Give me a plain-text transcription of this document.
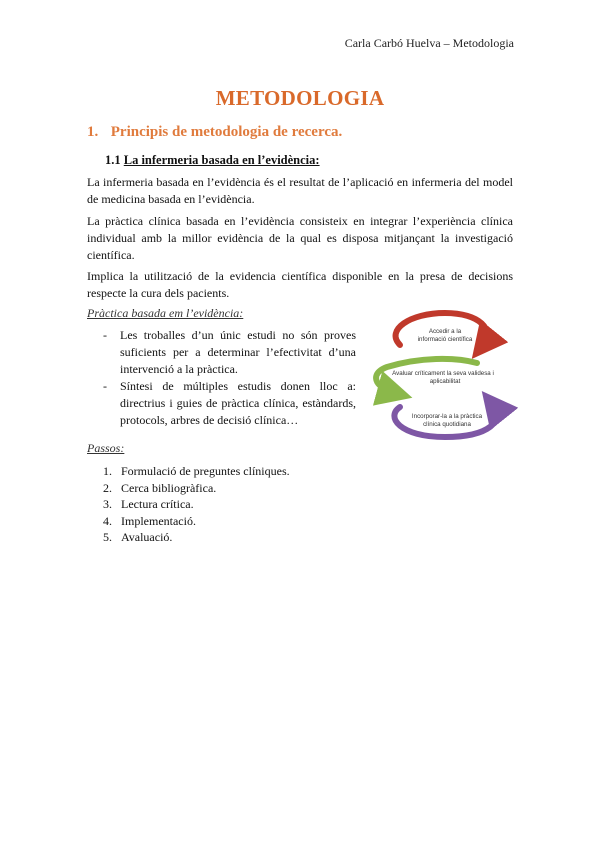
Carla Carbó Huelva – Metodologia
METODOLOGIA
1. Principis de metodologia de recerca.
1.1 La infermeria basada en l’evidència:
La infermeria basada en l’evidència és el resultat de l’aplicació en infermeria del model de medicina basada en l’evidència.
La pràctica clínica basada en l’evidència consisteix en integrar l’experiència clínica individual amb la millor evidència de la qual es disposa mitjançant la investigació científica.
Implica la utilització de la evidencia científica disponible en la presa de decisions respecte la cura dels pacients.
Pràctica basada em l’evidència:
- Les troballes d’un únic estudi no són proves suficients per a determinar l’efectivitat d’una intervenció a la pràctica.
- Síntesi de múltiples estudis donen lloc a: directrius i guies de pràctica clínica, estàndards, protocols, arbres de decisió clínica…
Accedir a la
informació científica
Avaluar críticament la seva validesa i
aplicabilitat
Incorporar-la a la pràctica
clínica quotidiana
Passos:
1. Formulació de preguntes clíniques.
2. Cerca bibliogràfica.
3. Lectura crítica.
4. Implementació.
5. Avaluació.
